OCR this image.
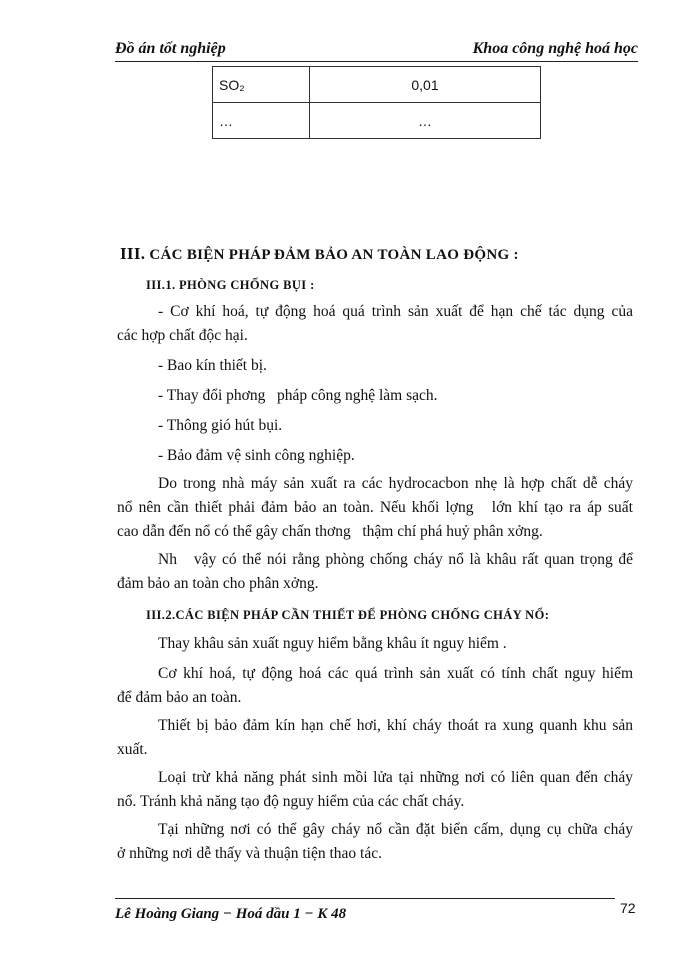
Đồ án tốt nghiệp	Khoa công nghệ hoá học
SO₂	0,01
…	…
III. CÁC BIỆN PHÁP ĐẢM BẢO AN TOÀN LAO ĐỘNG :
III.1. PHÒNG CHỐNG BỤI :
- Cơ khí hoá, tự động hoá quá trình sản xuất để hạn chế tác dụng của
các hợp chất độc hại.
- Bao kín thiết bị.
- Thay đổi phơng   pháp công nghệ làm sạch.
- Thông gió hút bụi.
- Bảo đảm vệ sinh công nghiệp.
Do trong nhà máy sản xuất ra các hydrocacbon nhẹ là hợp chất dễ cháy
nổ nên cần thiết phải đảm bảo an toàn. Nếu khối lợng   lớn khí tạo ra áp suất
cao dẫn đến nổ có thể gây chấn thơng   thậm chí phá huỷ phân xởng.
Nh   vậy có thể nói rằng phòng chống cháy nổ là khâu rất quan trọng để
đảm bảo an toàn cho phân xởng.
III.2.CÁC BIỆN PHÁP CẦN THIẾT ĐỂ PHÒNG CHỐNG CHÁY NỔ:
Thay khâu sản xuất nguy hiểm bằng khâu ít nguy hiểm .
Cơ khí hoá, tự động hoá các quá trình sản xuất có tính chất nguy hiểm
để đảm bảo an toàn.
Thiết bị bảo đảm kín hạn chế hơi, khí cháy thoát ra xung quanh khu sản
xuất.
Loại trừ khả năng phát sinh mồi lửa tại những nơi có liên quan đến cháy
nổ. Tránh khả năng tạo độ nguy hiểm của các chất cháy.
Tại những nơi có thể gây cháy nổ cần đặt biển cấm, dụng cụ chữa cháy
ở những nơi dễ thấy và thuận tiện thao tác.
Lê Hoàng Giang − Hoá dầu 1 − K 48	72
